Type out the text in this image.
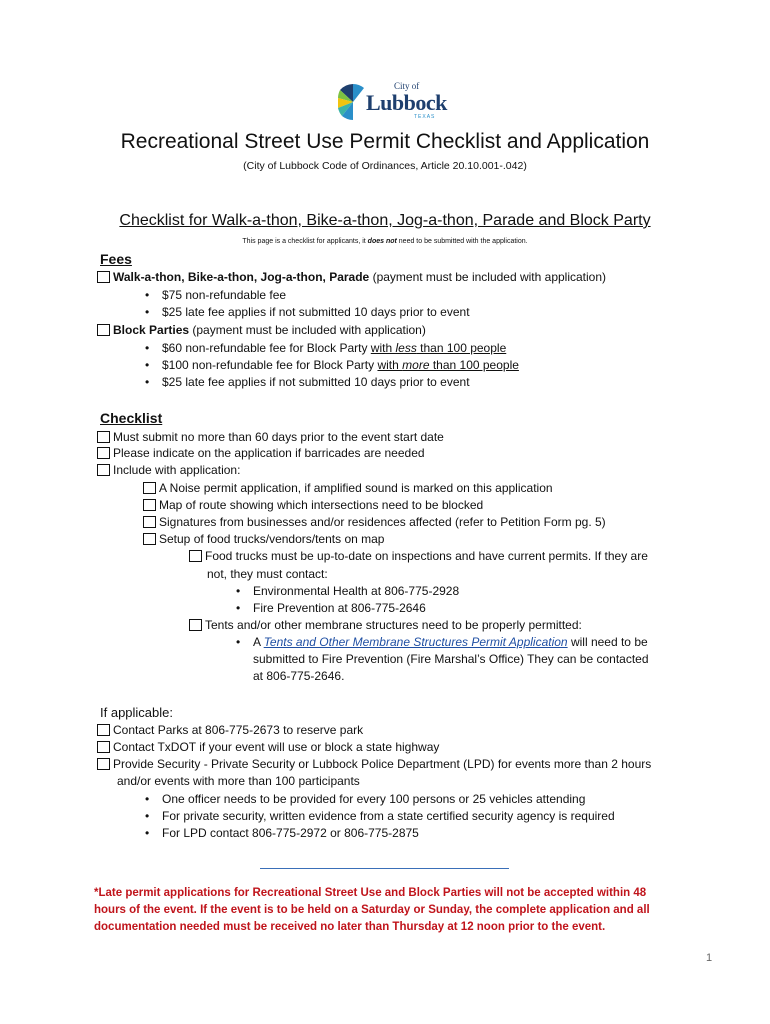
City of
Lubbock
TEXAS
Recreational Street Use Permit Checklist and Application
(City of Lubbock Code of Ordinances, Article 20.10.001-.042)
Checklist for Walk-a-thon, Bike-a-thon, Jog-a-thon, Parade and Block Party
This page is a checklist for applicants, it does not need to be submitted with the application.
Fees
Walk-a-thon, Bike-a-thon, Jog-a-thon, Parade (payment must be included with application)
• $75 non-refundable fee
• $25 late fee applies if not submitted 10 days prior to event
Block Parties (payment must be included with application)
• $60 non-refundable fee for Block Party with less than 100 people
• $100 non-refundable fee for Block Party with more than 100 people
• $25 late fee applies if not submitted 10 days prior to event
Checklist
Must submit no more than 60 days prior to the event start date
Please indicate on the application if barricades are needed
Include with application:
A Noise permit application, if amplified sound is marked on this application
Map of route showing which intersections need to be blocked
Signatures from businesses and/or residences affected (refer to Petition Form pg. 5)
Setup of food trucks/vendors/tents on map
Food trucks must be up-to-date on inspections and have current permits. If they are
not, they must contact:
• Environmental Health at 806-775-2928
• Fire Prevention at 806-775-2646
Tents and/or other membrane structures need to be properly permitted:
• A Tents and Other Membrane Structures Permit Application will need to be
submitted to Fire Prevention (Fire Marshal’s Office) They can be contacted
at 806-775-2646.
If applicable:
Contact Parks at 806-775-2673 to reserve park
Contact TxDOT if your event will use or block a state highway
Provide Security - Private Security or Lubbock Police Department (LPD) for events more than 2 hours
and/or events with more than 100 participants
• One officer needs to be provided for every 100 persons or 25 vehicles attending
• For private security, written evidence from a state certified security agency is required
• For LPD contact 806-775-2972 or 806-775-2875
*Late permit applications for Recreational Street Use and Block Parties will not be accepted within 48
hours of the event. If the event is to be held on a Saturday or Sunday, the complete application and all
documentation needed must be received no later than Thursday at 12 noon prior to the event.
1
